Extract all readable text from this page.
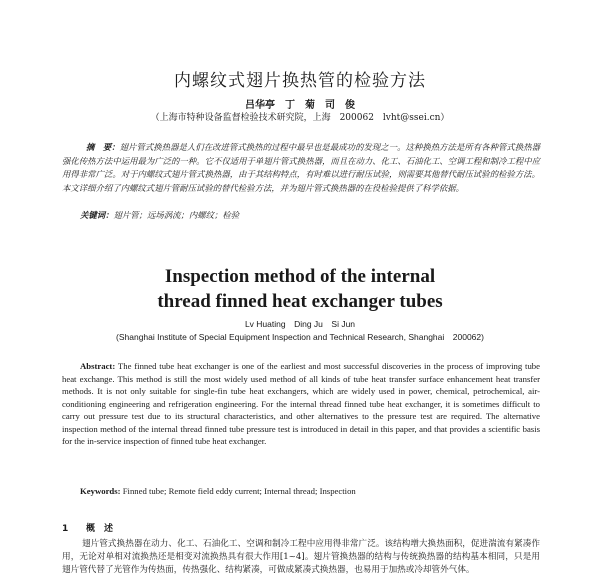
内螺纹式翅片换热管的检验方法
吕华亭　丁　菊　司　俊
（上海市特种设备监督检验技术研究院，上海　200062　lvht@ssei.cn）

摘　要：翅片管式换热器是人们在改进管式换热的过程中最早也是最成功的发现之一。这种换热方法是所有各种管式换热器强化传热方法中运用最为广泛的一种。它不仅适用于单翅片管式换热器，而且在动力、化工、石油化工、空调工程和制冷工程中应用得非常广泛。对于内螺纹式翅片管式换热器，由于其结构特点，有时难以进行耐压试验，则需要其他替代耐压试验的检验方法。本文详细介绍了内螺纹式翅片管耐压试验的替代检验方法，并为翅片管式换热器的在役检验提供了科学依据。

关键词：翅片管；远场涡流；内螺纹；检验
Inspection method of the internal
thread finned heat exchanger tubes
Lv Huating　Ding Ju　Si Jun
(Shanghai Institute of Special Equipment Inspection and Technical Research, Shanghai　200062)

Abstract: The finned tube heat exchanger is one of the earliest and most successful discoveries in the process of improving tube heat exchange. This method is still the most widely used method of all kinds of tube heat transfer surface enhancement heat transfer methods. It is not only suitable for single-fin tube heat exchangers, which are widely used in power, chemical, petrochemical, air-conditioning engineering and refrigeration engineering. For the internal thread finned tube heat exchanger, it is sometimes difficult to carry out pressure test due to its structural characteristics, and other alternatives to the pressure test are required. The alternative inspection method of the internal thread finned tube pressure test is introduced in detail in this paper, and that provides a scientific basis for the in-service inspection of finned tube heat exchanger.

Keywords: Finned tube; Remote field eddy current; Internal thread; Inspection
1 概　述

翅片管式换热器在动力、化工、石油化工、空调和制冷工程中应用得非常广泛。该结构增大换热面积，促进湍流有紧凑作用，无论对单相对流换热还是相变对流换热具有很大作用[1~4]。翅片管换热器的结构与传统换热器的结构基本相同，只是用翅片管代替了光管作为传热面，传热强化、结构紧凑，可做成紧凑式换热器，也易用于加热或冷却管外气体。
